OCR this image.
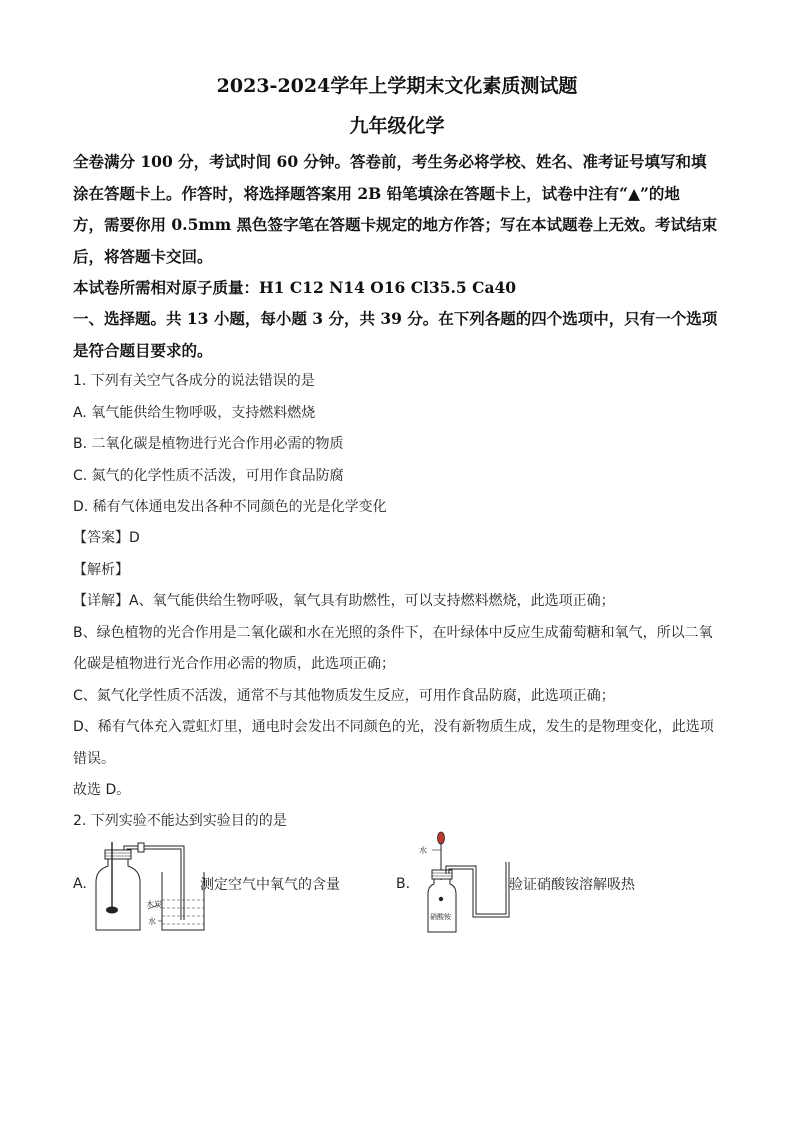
2023-2024学年上学期末文化素质测试题
九年级化学
全卷满分 100 分，考试时间 60 分钟。答卷前，考生务必将学校、姓名、准考证号填写和填
涂在答题卡上。作答时，将选择题答案用 2B 铅笔填涂在答题卡上，试卷中注有“▲”的地
方，需要你用 0.5mm 黑色签字笔在答题卡规定的地方作答；写在本试题卷上无效。考试结束
后，将答题卡交回。
本试卷所需相对原子质量：H1 C12 N14 O16 Cl35.5 Ca40
一、选择题。共 13 小题，每小题 3 分，共 39 分。在下列各题的四个选项中，只有一个选项
是符合题目要求的。
1. 下列有关空气各成分的说法错误的是
A. 氧气能供给生物呼吸，支持燃料燃烧
B. 二氧化碳是植物进行光合作用必需的物质
C. 氮气的化学性质不活泼，可用作食品防腐
D. 稀有气体通电发出各种不同颜色的光是化学变化
【答案】D
【解析】
【详解】A、氧气能供给生物呼吸，氧气具有助燃性，可以支持燃料燃烧，此选项正确；
B、绿色植物的光合作用是二氧化碳和水在光照的条件下，在叶绿体中反应生成葡萄糖和氧气，所以二氧
化碳是植物进行光合作用必需的物质，此选项正确；
C、氮气化学性质不活泼，通常不与其他物质发生反应，可用作食品防腐，此选项正确；
D、稀有气体充入霓虹灯里，通电时会发出不同颜色的光，没有新物质生成，发生的是物理变化，此选项
错误。
故选 D。
2. 下列实验不能达到实验目的的是
A.
木炭
水
测定空气中氧气的含量	B.
水
硝酸铵
验证硝酸铵溶解吸热
